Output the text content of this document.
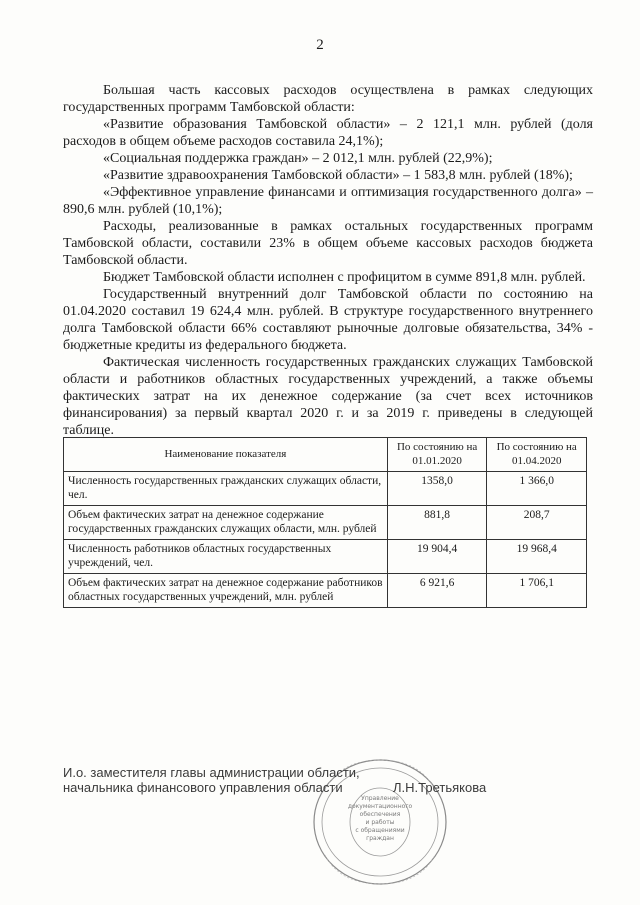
2

Большая часть кассовых расходов осуществлена в рамках следующих государственных программ Тамбовской области:

«Развитие образования Тамбовской области» – 2 121,1 млн. рублей (доля расходов в общем объеме расходов составила 24,1%);

«Социальная поддержка граждан» – 2 012,1 млн. рублей (22,9%);

«Развитие здравоохранения Тамбовской области» – 1 583,8 млн. рублей (18%);

«Эффективное управление финансами и оптимизация государственного долга» – 890,6 млн. рублей (10,1%);

Расходы, реализованные в рамках остальных государственных программ Тамбовской области, составили 23% в общем объеме кассовых расходов бюджета Тамбовской области.

Бюджет Тамбовской области исполнен с профицитом в сумме 891,8 млн. рублей.

Государственный внутренний долг Тамбовской области по состоянию на 01.04.2020 составил 19 624,4 млн. рублей. В структуре государственного внутреннего долга Тамбовской области 66% составляют рыночные долговые обязательства, 34% - бюджетные кредиты из федерального бюджета.

Фактическая численность государственных гражданских служащих Тамбовской области и работников областных государственных учреждений, а также объемы фактических затрат на их денежное содержание (за счет всех источников финансирования) за первый квартал 2020 г. и за 2019 г. приведены в следующей таблице.

Наименование показателя	По состоянию на 01.01.2020	По состоянию на 01.04.2020
Численность государственных гражданских служащих области, чел.	1358,0	1 366,0
Объем фактических затрат на денежное содержание государственных гражданских служащих области, млн. рублей	881,8	208,7
Численность работников областных государственных учреждений, чел.	19 904,4	19 968,4
Объем фактических затрат на денежное содержание работников областных государственных учреждений, млн. рублей	6 921,6	1 706,1
Управление
документационного
обеспечения
и работы
с обращениями
граждан
И.о. заместителя главы администрации области,
начальника финансового управления области	Л.Н.Третьякова
